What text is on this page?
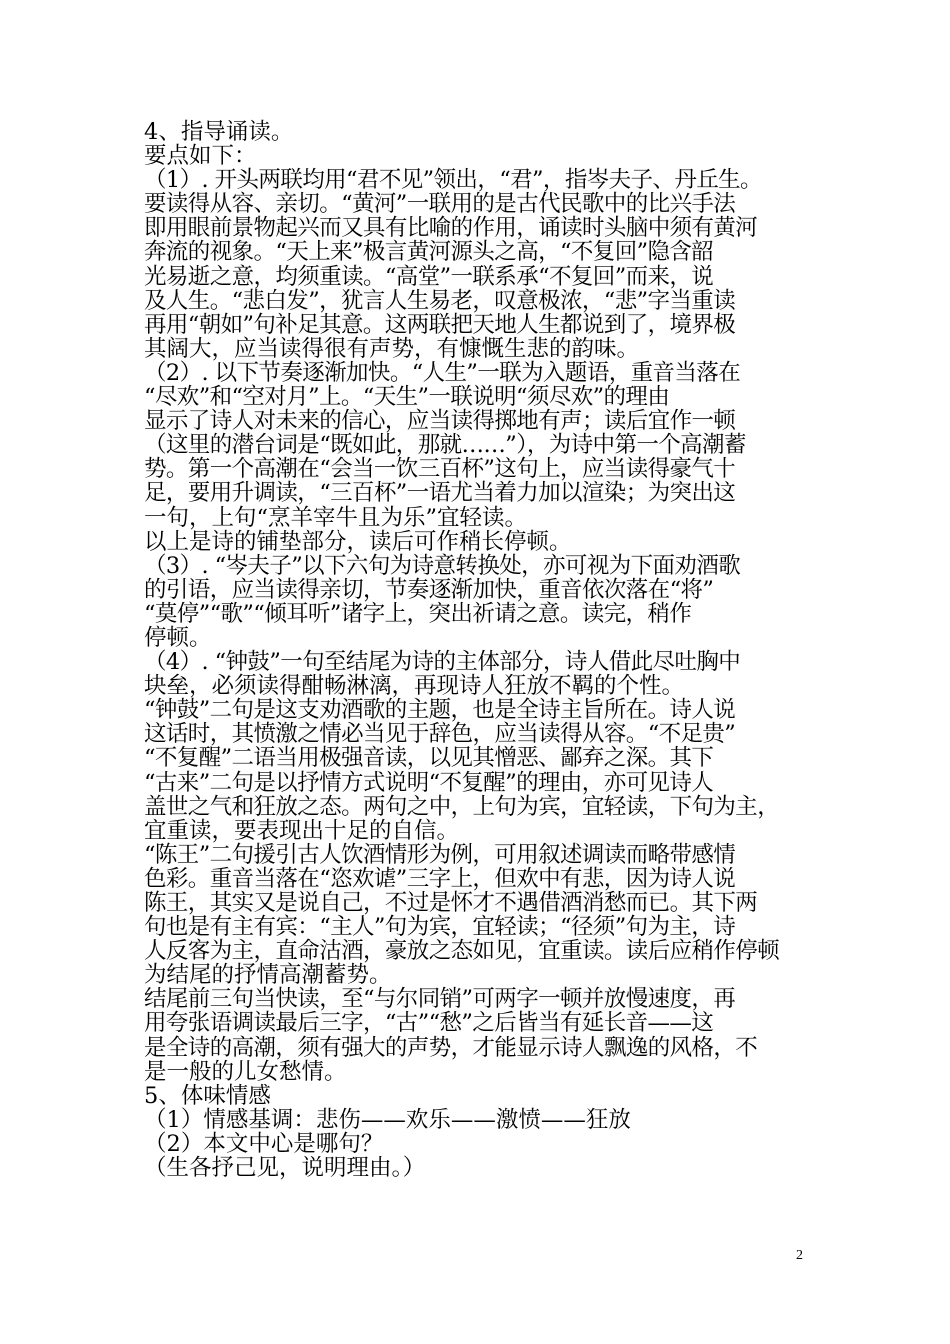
4、指导诵读。
要点如下：
（1）. 开头两联均用“君不见”领出，“君”，指岑夫子、丹丘生。
要读得从容、亲切。“黄河”一联用的是古代民歌中的比兴手法
即用眼前景物起兴而又具有比喻的作用，诵读时头脑中须有黄河
奔流的视象。“天上来”极言黄河源头之高，“不复回”隐含韶
光易逝之意，均须重读。“高堂”一联系承“不复回”而来，说
及人生。“悲白发”，犹言人生易老，叹意极浓，“悲”字当重读
再用“朝如”句补足其意。这两联把天地人生都说到了，境界极
其阔大，应当读得很有声势，有慷慨生悲的韵味。
（2）. 以下节奏逐渐加快。“人生”一联为入题语，重音当落在
“尽欢”和“空对月”上。“天生”一联说明“须尽欢”的理由
显示了诗人对未来的信心，应当读得掷地有声；读后宜作一顿
（这里的潜台词是“既如此，那就……”），为诗中第一个高潮蓄
势。第一个高潮在“会当一饮三百杯”这句上，应当读得豪气十
足，要用升调读，“三百杯”一语尤当着力加以渲染；为突出这
一句，上句“烹羊宰牛且为乐”宜轻读。
以上是诗的铺垫部分，读后可作稍长停顿。
（3）. “岑夫子”以下六句为诗意转换处，亦可视为下面劝酒歌
的引语，应当读得亲切，节奏逐渐加快，重音依次落在“将”
“莫停”“歌”“倾耳听”诸字上，突出祈请之意。读完，稍作
停顿。
（4）. “钟鼓”一句至结尾为诗的主体部分，诗人借此尽吐胸中
块垒，必须读得酣畅淋漓，再现诗人狂放不羁的个性。
“钟鼓”二句是这支劝酒歌的主题，也是全诗主旨所在。诗人说
这话时，其愤激之情必当见于辞色，应当读得从容。“不足贵”
“不复醒”二语当用极强音读，以见其憎恶、鄙弃之深。其下
“古来”二句是以抒情方式说明“不复醒”的理由，亦可见诗人
盖世之气和狂放之态。两句之中，上句为宾，宜轻读，下句为主，
宜重读，要表现出十足的自信。
“陈王”二句援引古人饮酒情形为例，可用叙述调读而略带感情
色彩。重音当落在“恣欢谑”三字上，但欢中有悲，因为诗人说
陈王，其实又是说自己，不过是怀才不遇借酒消愁而已。其下两
句也是有主有宾：“主人”句为宾，宜轻读；“径须”句为主，诗
人反客为主，直命沽酒，豪放之态如见，宜重读。读后应稍作停顿
为结尾的抒情高潮蓄势。
结尾前三句当快读，至“与尔同销”可两字一顿并放慢速度，再
用夸张语调读最后三字，“古”“愁”之后皆当有延长音——这
是全诗的高潮，须有强大的声势，才能显示诗人飘逸的风格，不
是一般的儿女愁情。
5、体味情感
（1）情感基调：悲伤——欢乐——激愤——狂放
（2）本文中心是哪句？
（生各抒己见，说明理由。）
2
